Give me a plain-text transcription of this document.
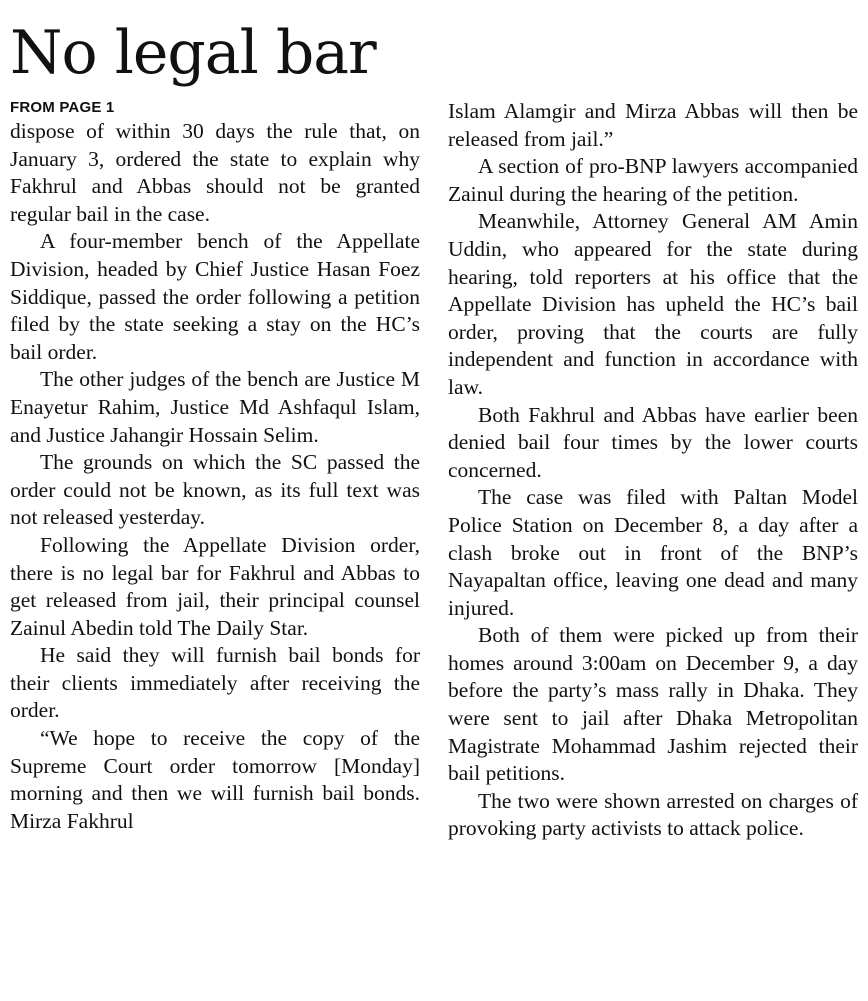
No legal bar
FROM PAGE 1

dispose of within 30 days the rule that, on January 3, ordered the state to explain why Fakhrul and Abbas should not be granted regular bail in the case.

A four-member bench of the Appellate Division, headed by Chief Justice Hasan Foez Siddique, passed the order following a petition filed by the state seeking a stay on the HC’s bail order.

The other judges of the bench are Justice M Enayetur Rahim, Justice Md Ashfaqul Islam, and Justice Jahangir Hossain Selim.

The grounds on which the SC passed the order could not be known, as its full text was not released yesterday.

Following the Appellate Division order, there is no legal bar for Fakhrul and Abbas to get released from jail, their principal counsel Zainul Abedin told The Daily Star.

He said they will furnish bail bonds for their clients immediately after receiving the order.

“We hope to receive the copy of the Supreme Court order tomorrow [Monday] morning and then we will furnish bail bonds. Mirza Fakhrul

Islam Alamgir and Mirza Abbas will then be released from jail.”

A section of pro-BNP lawyers accompanied Zainul during the hearing of the petition.

Meanwhile, Attorney General AM Amin Uddin, who appeared for the state during hearing, told reporters at his office that the Appellate Division has upheld the HC’s bail order, proving that the courts are fully independent and function in accordance with law.

Both Fakhrul and Abbas have earlier been denied bail four times by the lower courts concerned.

The case was filed with Paltan Model Police Station on December 8, a day after a clash broke out in front of the BNP’s Nayapaltan office, leaving one dead and many injured.

Both of them were picked up from their homes around 3:00am on December 9, a day before the party’s mass rally in Dhaka. They were sent to jail after Dhaka Metropolitan Magistrate Mohammad Jashim rejected their bail petitions.

The two were shown arrested on charges of provoking party activists to attack police.
